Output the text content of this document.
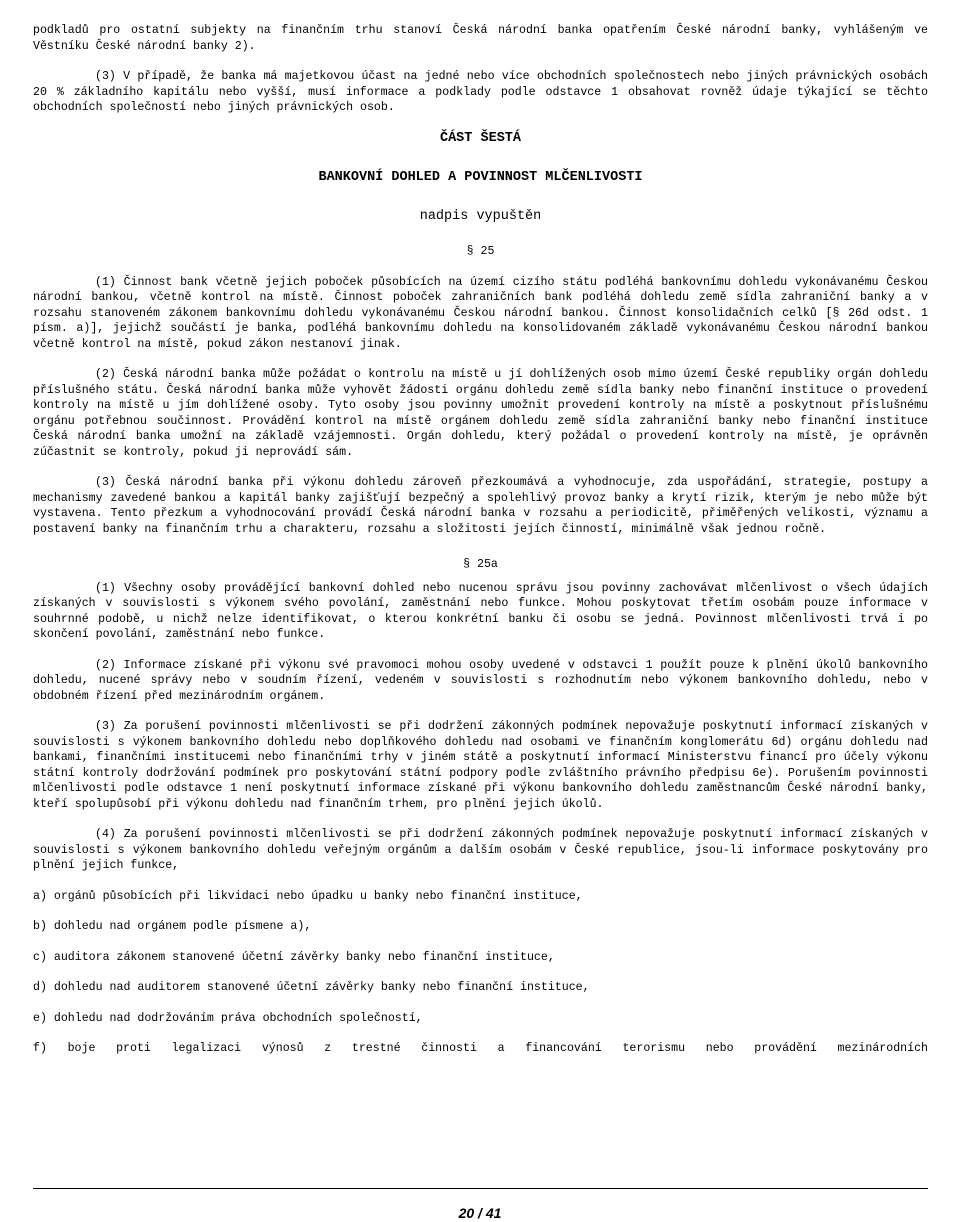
podkladů pro ostatní subjekty na finančním trhu stanoví Česká národní banka opatřením České národní banky, vyhlášeným ve Věstníku České národní banky 2).

(3) V případě, že banka má majetkovou účast na jedné nebo více obchodních společnostech nebo jiných právnických osobách 20 % základního kapitálu nebo vyšší, musí informace a podklady podle odstavce 1 obsahovat rovněž údaje týkající se těchto obchodních společností nebo jiných právnických osob.

ČÁST ŠESTÁ
BANKOVNÍ DOHLED A POVINNOST MLČENLIVOSTI
nadpis vypuštěn
§ 25

(1) Činnost bank včetně jejich poboček působících na území cizího státu podléhá bankovnímu dohledu vykonávanému Českou národní bankou, včetně kontrol na místě. Činnost poboček zahraničních bank podléhá dohledu země sídla zahraniční banky a v rozsahu stanoveném zákonem bankovnímu dohledu vykonávanému Českou národní bankou. Činnost konsolidačních celků [§ 26d odst. 1 písm. a)], jejichž součástí je banka, podléhá bankovnímu dohledu na konsolidovaném základě vykonávanému Českou národní bankou včetně kontrol na místě, pokud zákon nestanoví jinak.

(2) Česká národní banka může požádat o kontrolu na místě u jí dohlížených osob mimo území České republiky orgán dohledu příslušného státu. Česká národní banka může vyhovět žádosti orgánu dohledu země sídla banky nebo finanční instituce o provedení kontroly na místě u jím dohlížené osoby. Tyto osoby jsou povinny umožnit provedení kontroly na místě a poskytnout příslušnému orgánu potřebnou součinnost. Provádění kontrol na místě orgánem dohledu země sídla zahraniční banky nebo finanční instituce Česká národní banka umožní na základě vzájemnosti. Orgán dohledu, který požádal o provedení kontroly na místě, je oprávněn zúčastnit se kontroly, pokud ji neprovádí sám.

(3) Česká národní banka při výkonu dohledu zároveň přezkoumává a vyhodnocuje, zda uspořádání, strategie, postupy a mechanismy zavedené bankou a kapitál banky zajišťují bezpečný a spolehlivý provoz banky a krytí rizik, kterým je nebo může být vystavena. Tento přezkum a vyhodnocování provádí Česká národní banka v rozsahu a periodicitě, přiměřených velikosti, významu a postavení banky na finančním trhu a charakteru, rozsahu a složitosti jejích činností, minimálně však jednou ročně.

§ 25a

(1) Všechny osoby provádějící bankovní dohled nebo nucenou správu jsou povinny zachovávat mlčenlivost o všech údajích získaných v souvislosti s výkonem svého povolání, zaměstnání nebo funkce. Mohou poskytovat třetím osobám pouze informace v souhrnné podobě, u nichž nelze identifikovat, o kterou konkrétní banku či osobu se jedná. Povinnost mlčenlivosti trvá i po skončení povolání, zaměstnání nebo funkce.

(2) Informace získané při výkonu své pravomoci mohou osoby uvedené v odstavci 1 použít pouze k plnění úkolů bankovního dohledu, nucené správy nebo v soudním řízení, vedeném v souvislosti s rozhodnutím nebo výkonem bankovního dohledu, nebo v obdobném řízení před mezinárodním orgánem.

(3) Za porušení povinnosti mlčenlivosti se při dodržení zákonných podmínek nepovažuje poskytnutí informací získaných v souvislosti s výkonem bankovního dohledu nebo doplňkového dohledu nad osobami ve finančním konglomerátu 6d) orgánu dohledu nad bankami, finančními institucemi nebo finančními trhy v jiném státě a poskytnutí informací Ministerstvu financí pro účely výkonu státní kontroly dodržování podmínek pro poskytování státní podpory podle zvláštního právního předpisu 6e). Porušením povinnosti mlčenlivosti podle odstavce 1 není poskytnutí informace získané při výkonu bankovního dohledu zaměstnancům České národní banky, kteří spolupůsobí při výkonu dohledu nad finančním trhem, pro plnění jejich úkolů.

(4) Za porušení povinnosti mlčenlivosti se při dodržení zákonných podmínek nepovažuje poskytnutí informací získaných v souvislosti s výkonem bankovního dohledu veřejným orgánům a dalším osobám v České republice, jsou-li informace poskytovány pro plnění jejich funkce,

a) orgánů působících při likvidaci nebo úpadku u banky nebo finanční instituce,

b) dohledu nad orgánem podle písmene a),

c) auditora zákonem stanovené účetní závěrky banky nebo finanční instituce,

d) dohledu nad auditorem stanovené účetní závěrky banky nebo finanční instituce,

e) dohledu nad dodržováním práva obchodních společností,

f) boje proti legalizaci výnosů z trestné činnosti a financování terorismu nebo provádění mezinárodních

20 / 41
